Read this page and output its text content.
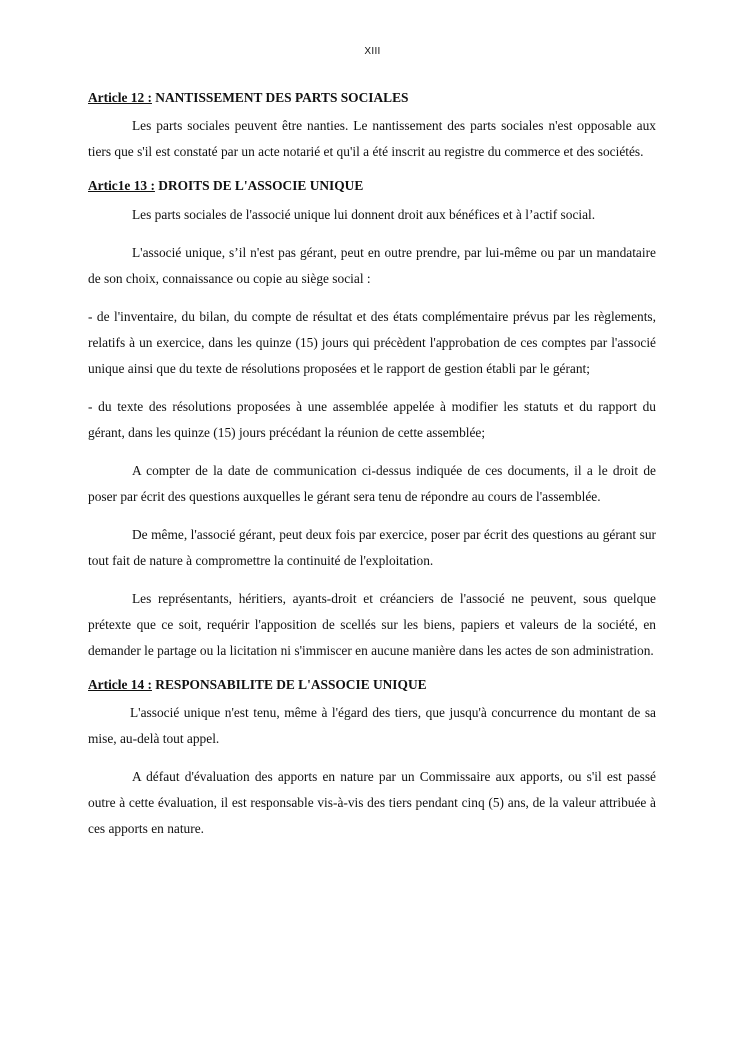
XIII
Article 12 : NANTISSEMENT DES PARTS SOCIALES

Les parts sociales peuvent être nanties. Le nantissement des parts sociales n'est opposable aux tiers que s'il est constaté par un acte notarié et qu'il a été inscrit au registre du commerce et des sociétés.

Artic1e 13 : DROITS DE L'ASSOCIE UNIQUE

Les parts sociales de l'associé unique lui donnent droit aux bénéfices et à l’actif social.

L'associé unique, s’il n'est pas gérant, peut en outre prendre, par lui-même ou par un mandataire de son choix, connaissance ou copie au siège social :

- de l'inventaire, du bilan, du compte de résultat et des états complémentaire prévus par les règlements, relatifs à un exercice, dans les quinze (15) jours qui précèdent l'approbation de ces comptes par l'associé unique ainsi que du texte de résolutions proposées et le rapport de gestion établi par le gérant;

- du texte des résolutions proposées à une assemblée appelée à modifier les statuts et du rapport du gérant, dans les quinze (15) jours précédant la réunion de cette assemblée;

A compter de la date de communication ci-dessus indiquée de ces documents, il a le droit de poser par écrit des questions auxquelles le gérant sera tenu de répondre au cours de l'assemblée.

De même, l'associé gérant, peut deux fois par exercice, poser par écrit des questions au gérant sur tout fait de nature à compromettre la continuité de l'exploitation.

Les représentants, héritiers, ayants-droit et créanciers de l'associé ne peuvent, sous quelque prétexte que ce soit, requérir l'apposition de scellés sur les biens, papiers et valeurs de la société, en demander le partage ou la licitation ni s'immiscer en aucune manière dans les actes de son administration.

Article 14 : RESPONSABILITE DE L'ASSOCIE UNIQUE

L'associé unique n'est tenu, même à l'égard des tiers, que jusqu'à concurrence du montant de sa mise, au-delà tout appel.

A défaut d'évaluation des apports en nature par un Commissaire aux apports, ou s'il est passé outre à cette évaluation, il est responsable vis-à-vis des tiers pendant cinq (5) ans, de la valeur attribuée à ces apports en nature.
